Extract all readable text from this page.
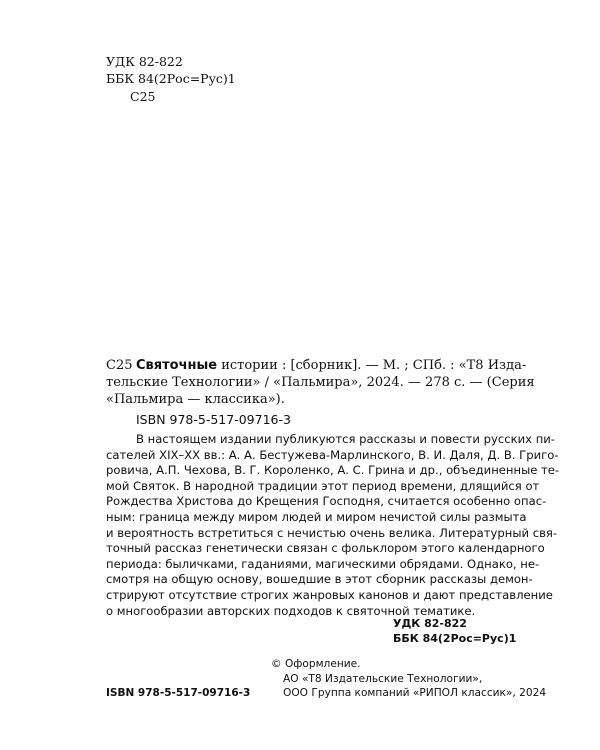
УДК 82-822
ББК 84(2Рос=Рус)1
С25
С25 Святочные истории : [сборник]. — М. ; СПб. : «Т8 Изда-
тельские Технологии» / «Пальмира», 2024. — 278 с. — (Серия
«Пальмира — классика»).
ISBN 978-5-517-09716-3
В настоящем издании публикуются рассказы и повести русских пи-
сателей XIX–XX вв.: А. А. Бестужева-Марлинского, В. И. Даля, Д. В. Григо-
ровича, А.П. Чехова, В. Г. Короленко, А. С. Грина и др., объединенные те-
мой Святок. В народной традиции этот период времени, длящийся от
Рождества Христова до Крещения Господня, считается особенно опас-
ным: граница между миром людей и миром нечистой силы размыта
и вероятность встретиться с нечистью очень велика. Литературный свя-
точный рассказ генетически связан с фольклором этого календарного
периода: быличками, гаданиями, магическими обрядами. Однако, не-
смотря на общую основу, вошедшие в этот сборник рассказы демон-
стрируют отсутствие строгих жанровых канонов и дают представление
о многообразии авторских подходов к святочной тематике.
УДК 82-822
ББК 84(2Рос=Рус)1
© Оформление.
АО «Т8 Издательские Технологии»,
ООО Группа компаний «РИПОЛ классик», 2024
ISBN 978-5-517-09716-3
